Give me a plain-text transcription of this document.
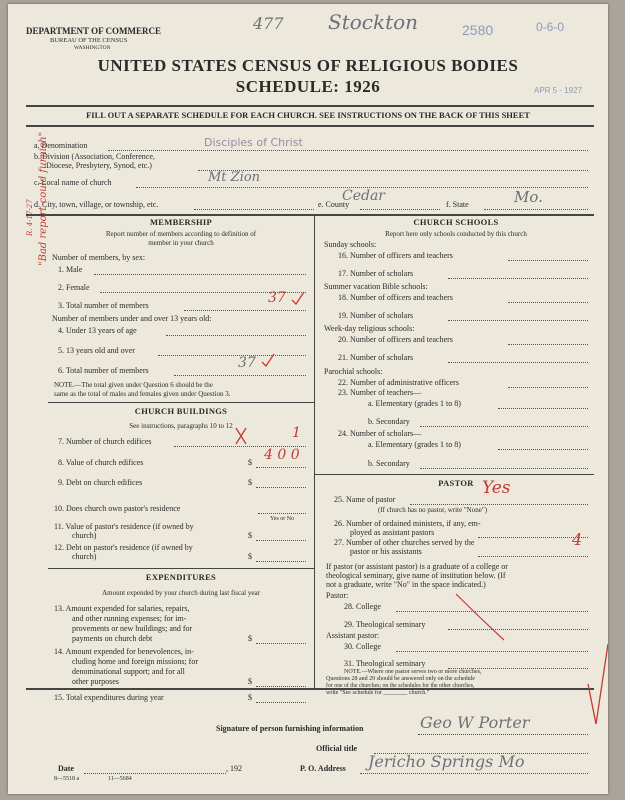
DEPARTMENT OF COMMERCE
BUREAU OF THE CENSUS
WASHINGTON
477 Stockton	2580	0-6-0
UNITED STATES CENSUS OF RELIGIOUS BODIES
SCHEDULE: 1926	APR 5 - 1927
FILL OUT A SEPARATE SCHEDULE FOR EACH CHURCH. SEE INSTRUCTIONS ON THE BACK OF THIS SHEET
a. Denomination	Disciples of Christ
b. Division (Association, Conference,
Diocese, Presbytery, Synod, etc.)
c. Local name of church	Mt Zion
d. City, town, village, or township, etc.	e. County
Cedar
f. State	Mo.
"Bad report could furnish"
R. 4-17-27	MEMBERSHIP
Report number of members according to definition of
member in your church
Number of members, by sex:
1. Male
2. Female
3. Total number of members	37
Number of members under and over 13 years old:
4. Under 13 years of age
5. 13 years old and over
6. Total number of members	37
NOTE.—The total given under Question 6 should be the
same as the total of males and females given under Question 3.
CHURCH BUILDINGS
See instructions, paragraphs 10 to 12
7. Number of church edifices
1
8. Value of church edifices	$ 4 0 0
9. Debt on church edifices	$
10. Does church own pastor's residence
Yes or No
11. Value of pastor's residence (if owned by
church)	$
12. Debt on pastor's residence (if owned by
church)	$
EXPENDITURES
Amount expended by your church during last fiscal year
13. Amount expended for salaries, repairs,
and other running expenses; for im-
provements or new buildings; and for
payments on church debt	$
14. Amount expended for benevolences, in-
cluding home and foreign missions; for
denominational support; and for all
other purposes	$
15. Total expenditures during year	$
CHURCH SCHOOLS
Report here only schools conducted by this church
Sunday schools:
16. Number of officers and teachers
17. Number of scholars
Summer vacation Bible schools:
18. Number of officers and teachers
19. Number of scholars
Week-day religious schools:
20. Number of officers and teachers
21. Number of scholars
Parochial schools:
22. Number of administrative officers
23. Number of teachers—
a. Elementary (grades 1 to 8)
b. Secondary
24. Number of scholars—
a. Elementary (grades 1 to 8)
b. Secondary
PASTOR
25. Name of pastor
Yes
(If church has no pastor, write "None")
26. Number of ordained ministers, if any, em-
ployed as assistant pastors
27. Number of other churches served by the
pastor or his assistants
4
If pastor (or assistant pastor) is a graduate of a college or
theological seminary, give name of institution below. (If
not a graduate, write "No" in the space indicated.)
Pastor:
28. College
29. Theological seminary
Assistant pastor:
30. College
31. Theological seminary
NOTE.—Where one pastor serves two or more churches,
Questions 28 and 29 should be answered only on the schedule
for one of the churches; on the schedules for the other churches,
write "See schedule for ________ church."
Signature of person furnishing information	Geo W Porter
Official title
Date	, 192	P. O. Address Jericho Springs Mo
8—5518 a	11—5684
